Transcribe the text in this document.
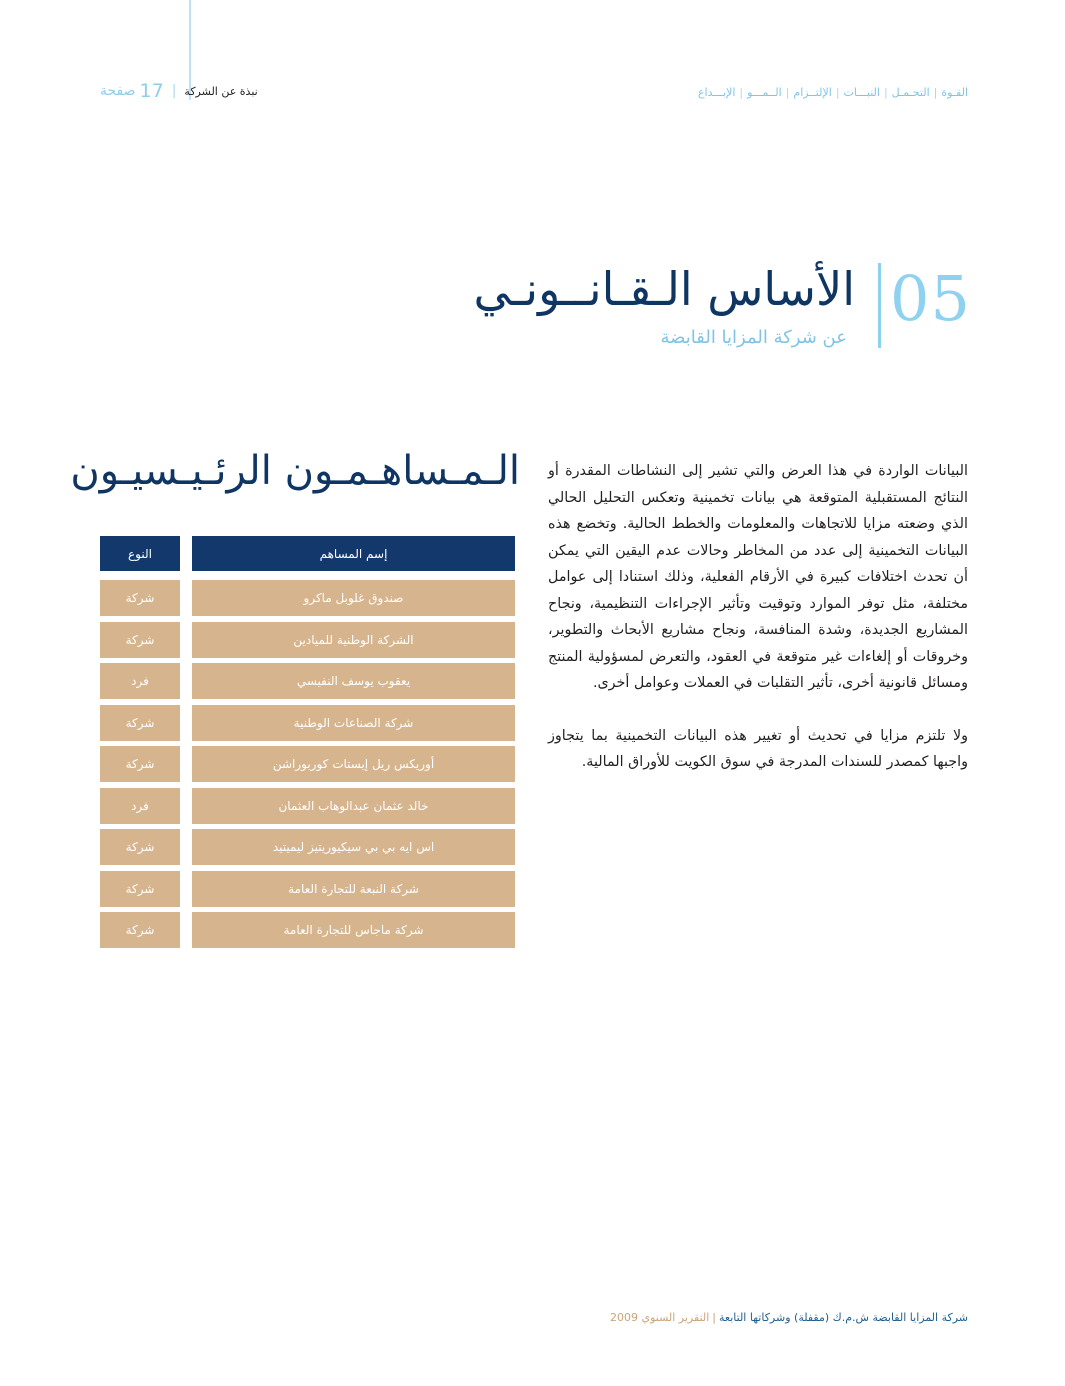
نبذة عن الشركة
|
17
صفحة	القـوة|التحـمـل|النبـــات|الإلتــزام|الــمـــو|الإبـــداع
05
الأساس الـقـانــونـي
عن شركة المزايا القابضة
الـمـساهـمـون الرئـيـسيـون
النوع	إسم المساهم
شركة	صندوق غلوبل ماكرو
شركة	الشركة الوطنية للميادين
فرد	يعقوب يوسف النفيسي
شركة	شركة الصناعات الوطنية
شركة	أوريكس ريل إيستات كوربوراشن
فرد	خالد عثمان عبدالوهاب العثمان
شركة	اس ايه بي بي سيكيوريتيز ليميتيد
شركة	شركة النبعة للتجارة العامة
شركة	شركة ماجاس للتجارة العامة

البيانات الواردة في هذا العرض والتي تشير إلى النشاطات المقدرة أو النتائج المستقبلية المتوقعة هي بيانات تخمينية وتعكس التحليل الحالي الذي وضعته مزايا للاتجاهات والمعلومات والخطط الحالية. وتخضع هذه البيانات التخمينية إلى عدد من المخاطر وحالات عدم اليقين التي يمكن أن تحدث اختلافات كبيرة في الأرقام الفعلية، وذلك استنادا إلى عوامل مختلفة، مثل توفر الموارد وتوقيت وتأثير الإجراءات التنظيمية، ونجاح المشاريع الجديدة، وشدة المنافسة، ونجاح مشاريع الأبحاث والتطوير، وخروقات أو إلغاءات غير متوقعة في العقود، والتعرض لمسؤولية المنتج ومسائل قانونية أخرى، تأثير التقلبات في العملات وعوامل أخرى.

ولا تلتزم مزايا في تحديث أو تغيير هذه البيانات التخمينية بما يتجاوز واجبها كمصدر للسندات المدرجة في سوق الكويت للأوراق المالية.

شركة المزايا القابضة ش.م.ك (مقفلة) وشركاتها التابعة|التقرير السنوي 2009
